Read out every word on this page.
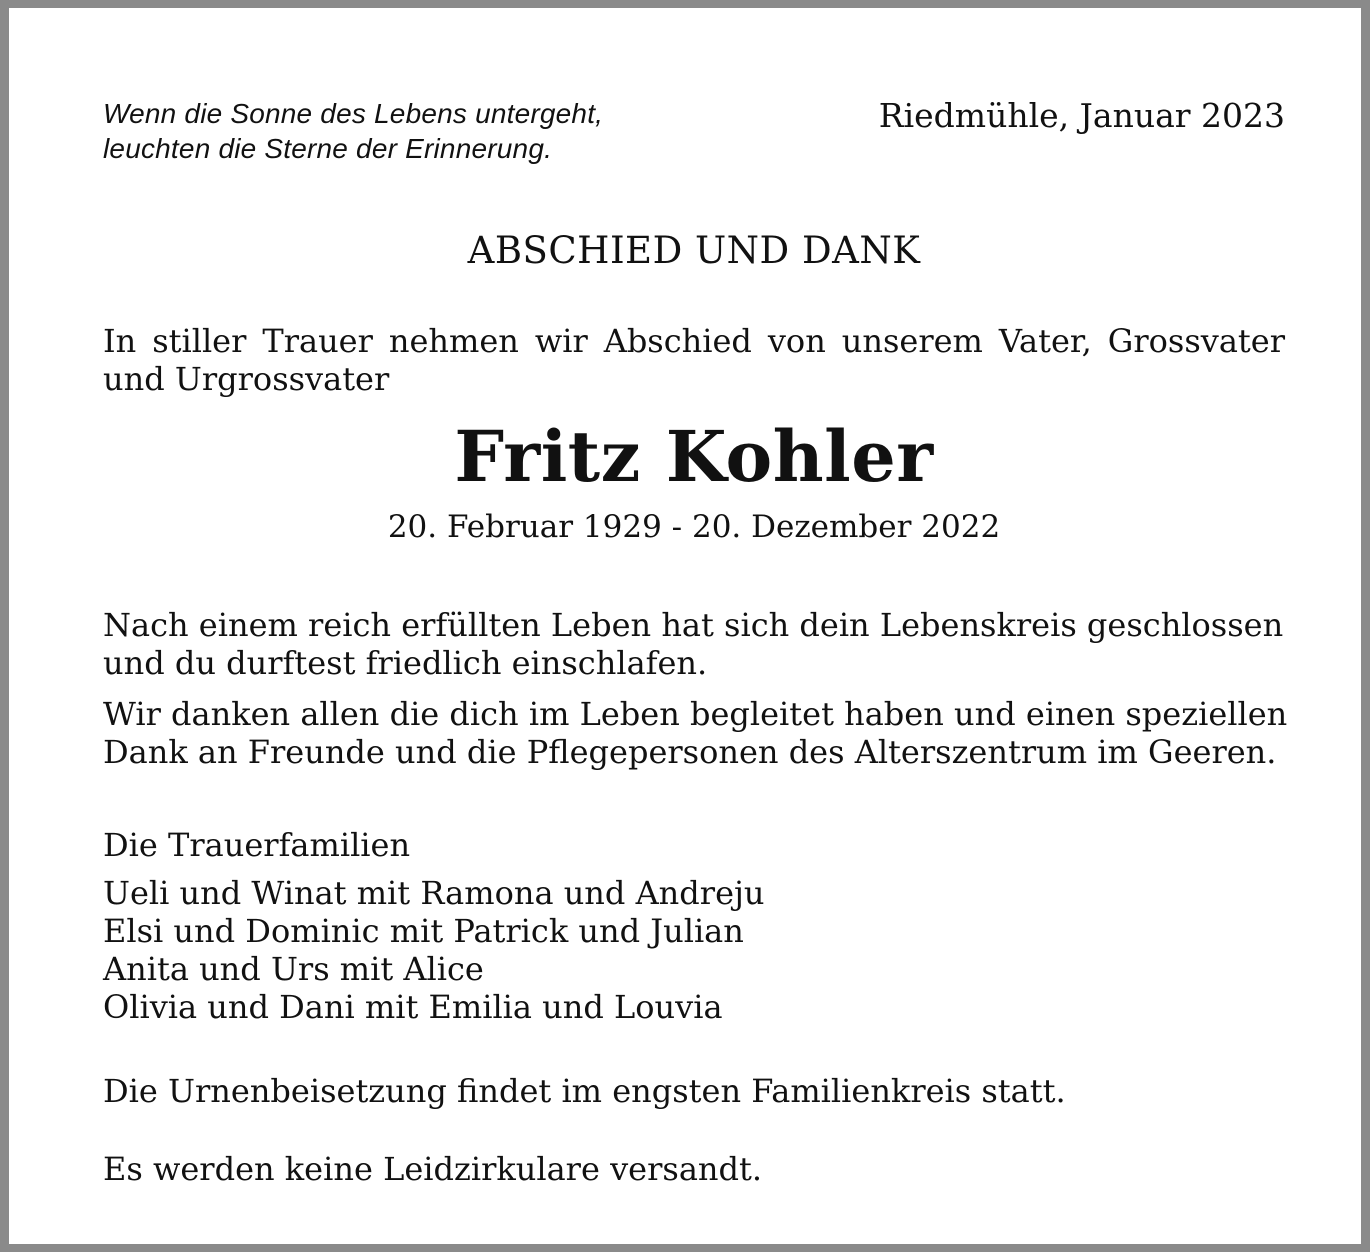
Wenn die Sonne des Lebens untergeht,
leuchten die Sterne der Erinnerung.
Riedmühle, Januar 2023
ABSCHIED UND DANK
In stiller Trauer nehmen wir Abschied von unserem Vater, Grossvater und Urgrossvater
Fritz Kohler
20. Februar 1929 - 20. Dezember 2022
Nach einem reich erfüllten Leben hat sich dein Lebenskreis geschlossen und du durftest friedlich einschlafen.
Wir danken allen die dich im Leben begleitet haben und einen speziellen Dank an Freunde und die Pflegepersonen des Alterszentrum im Geeren.
Die Trauerfamilien
Ueli und Winat mit Ramona und Andreju
Elsi und Dominic mit Patrick und Julian
Anita und Urs mit Alice
Olivia und Dani mit Emilia und Louvia
Die Urnenbeisetzung findet im engsten Familienkreis statt.
Es werden keine Leidzirkulare versandt.
